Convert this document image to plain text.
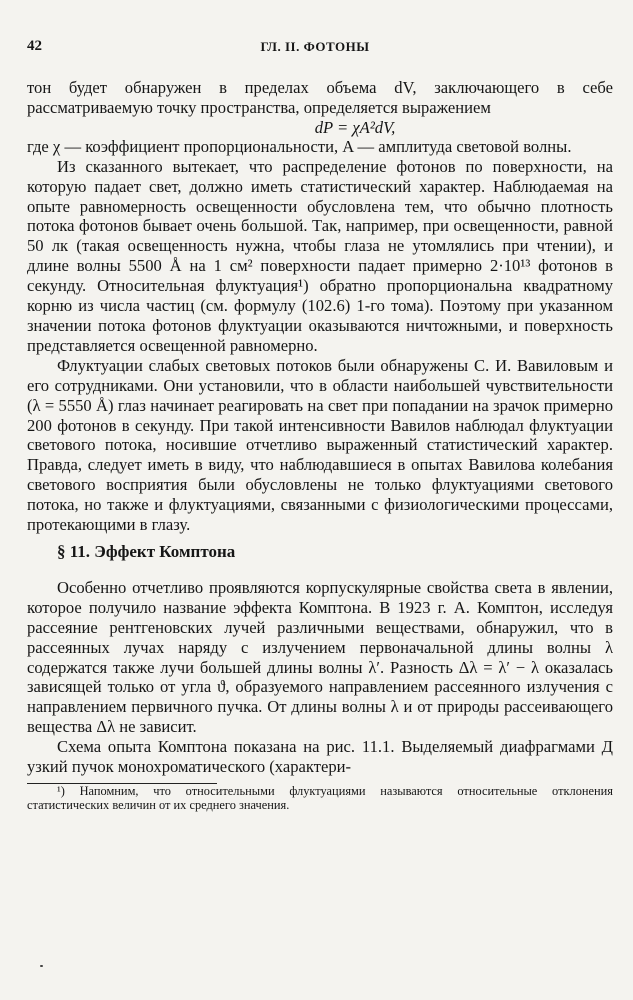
42	ГЛ. II. ФОТОНЫ

тон будет обнаружен в пределах объема dV, заключающего в себе рассматриваемую точку пространства, определяется выражением

dP = χA²dV,

где χ — коэффициент пропорциональности, A — амплитуда световой волны.

Из сказанного вытекает, что распределение фотонов по поверхности, на которую падает свет, должно иметь статистический характер. Наблюдаемая на опыте равномерность освещенности обусловлена тем, что обычно плотность потока фотонов бывает очень большой. Так, например, при освещенности, равной 50 лк (такая освещенность нужна, чтобы глаза не утомлялись при чтении), и длине волны 5500 Å на 1 см² поверхности падает примерно 2·10¹³ фотонов в секунду. Относительная флуктуация¹) обратно пропорциональна квадратному корню из числа частиц (см. формулу (102.6) 1-го тома). Поэтому при указанном значении потока фотонов флуктуации оказываются ничтожными, и поверхность представляется освещенной равномерно.

Флуктуации слабых световых потоков были обнаружены С. И. Вавиловым и его сотрудниками. Они установили, что в области наибольшей чувствительности (λ = 5550 Å) глаз начинает реагировать на свет при попадании на зрачок примерно 200 фотонов в секунду. При такой интенсивности Вавилов наблюдал флуктуации светового потока, носившие отчетливо выраженный статистический характер. Правда, следует иметь в виду, что наблюдавшиеся в опытах Вавилова колебания светового восприятия были обусловлены не только флуктуациями светового потока, но также и флуктуациями, связанными с физиологическими процессами, протекающими в глазу.

§ 11. Эффект Комптона

Особенно отчетливо проявляются корпускулярные свойства света в явлении, которое получило название эффекта Комптона. В 1923 г. А. Комптон, исследуя рассеяние рентгеновских лучей различными веществами, обнаружил, что в рассеянных лучах наряду с излучением первоначальной длины волны λ содержатся также лучи большей длины волны λ′. Разность Δλ = λ′ − λ оказалась зависящей только от угла ϑ, образуемого направлением рассеянного излучения с направлением первичного пучка. От длины волны λ и от природы рассеивающего вещества Δλ не зависит.

Схема опыта Комптона показана на рис. 11.1. Выделяемый диафрагмами Д узкий пучок монохроматического (характери-

¹) Напомним, что относительными флуктуациями называются относительные отклонения статистических величин от их среднего значения.
